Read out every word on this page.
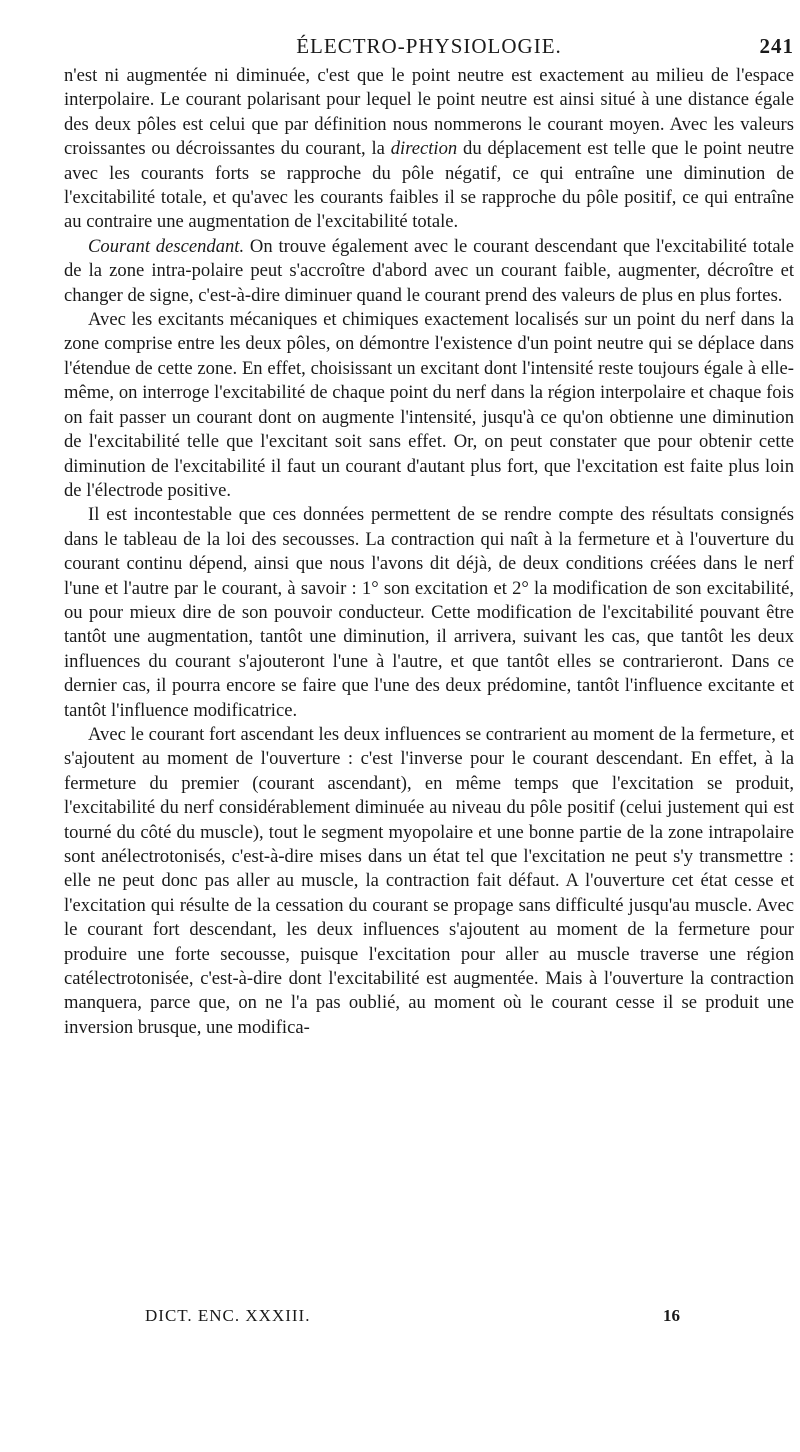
ÉLECTRO-PHYSIOLOGIE.	241

n'est ni augmentée ni diminuée, c'est que le point neutre est exactement au milieu de l'espace interpolaire. Le courant polarisant pour lequel le point neutre est ainsi situé à une distance égale des deux pôles est celui que par définition nous nommerons le courant moyen. Avec les valeurs croissantes ou décroissantes du courant, la direction du déplacement est telle que le point neutre avec les courants forts se rapproche du pôle négatif, ce qui entraîne une diminution de l'excitabilité totale, et qu'avec les courants faibles il se rapproche du pôle positif, ce qui entraîne au contraire une augmentation de l'excitabilité totale.

Courant descendant. On trouve également avec le courant descendant que l'excitabilité totale de la zone intra-polaire peut s'accroître d'abord avec un courant faible, augmenter, décroître et changer de signe, c'est-à-dire diminuer quand le courant prend des valeurs de plus en plus fortes.

Avec les excitants mécaniques et chimiques exactement localisés sur un point du nerf dans la zone comprise entre les deux pôles, on démontre l'existence d'un point neutre qui se déplace dans l'étendue de cette zone. En effet, choisissant un excitant dont l'intensité reste toujours égale à elle-même, on interroge l'excitabilité de chaque point du nerf dans la région interpolaire et chaque fois on fait passer un courant dont on augmente l'intensité, jusqu'à ce qu'on obtienne une diminution de l'excitabilité telle que l'excitant soit sans effet. Or, on peut constater que pour obtenir cette diminution de l'excitabilité il faut un courant d'autant plus fort, que l'excitation est faite plus loin de l'électrode positive.

Il est incontestable que ces données permettent de se rendre compte des résultats consignés dans le tableau de la loi des secousses. La contraction qui naît à la fermeture et à l'ouverture du courant continu dépend, ainsi que nous l'avons dit déjà, de deux conditions créées dans le nerf l'une et l'autre par le courant, à savoir : 1° son excitation et 2° la modification de son excitabilité, ou pour mieux dire de son pouvoir conducteur. Cette modification de l'excitabilité pouvant être tantôt une augmentation, tantôt une diminution, il arrivera, suivant les cas, que tantôt les deux influences du courant s'ajouteront l'une à l'autre, et que tantôt elles se contrarieront. Dans ce dernier cas, il pourra encore se faire que l'une des deux prédomine, tantôt l'influence excitante et tantôt l'influence modificatrice.

Avec le courant fort ascendant les deux influences se contrarient au moment de la fermeture, et s'ajoutent au moment de l'ouverture : c'est l'inverse pour le courant descendant. En effet, à la fermeture du premier (courant ascendant), en même temps que l'excitation se produit, l'excitabilité du nerf considérablement diminuée au niveau du pôle positif (celui justement qui est tourné du côté du muscle), tout le segment myopolaire et une bonne partie de la zone intrapolaire sont anélectrotonisés, c'est-à-dire mises dans un état tel que l'excitation ne peut s'y transmettre : elle ne peut donc pas aller au muscle, la contraction fait défaut. A l'ouverture cet état cesse et l'excitation qui résulte de la cessation du courant se propage sans difficulté jusqu'au muscle. Avec le courant fort descendant, les deux influences s'ajoutent au moment de la fermeture pour produire une forte secousse, puisque l'excitation pour aller au muscle traverse une région catélectrotonisée, c'est-à-dire dont l'excitabilité est augmentée. Mais à l'ouverture la contraction manquera, parce que, on ne l'a pas oublié, au moment où le courant cesse il se produit une inversion brusque, une modifica-

DICT. ENC. XXXIII.	16
